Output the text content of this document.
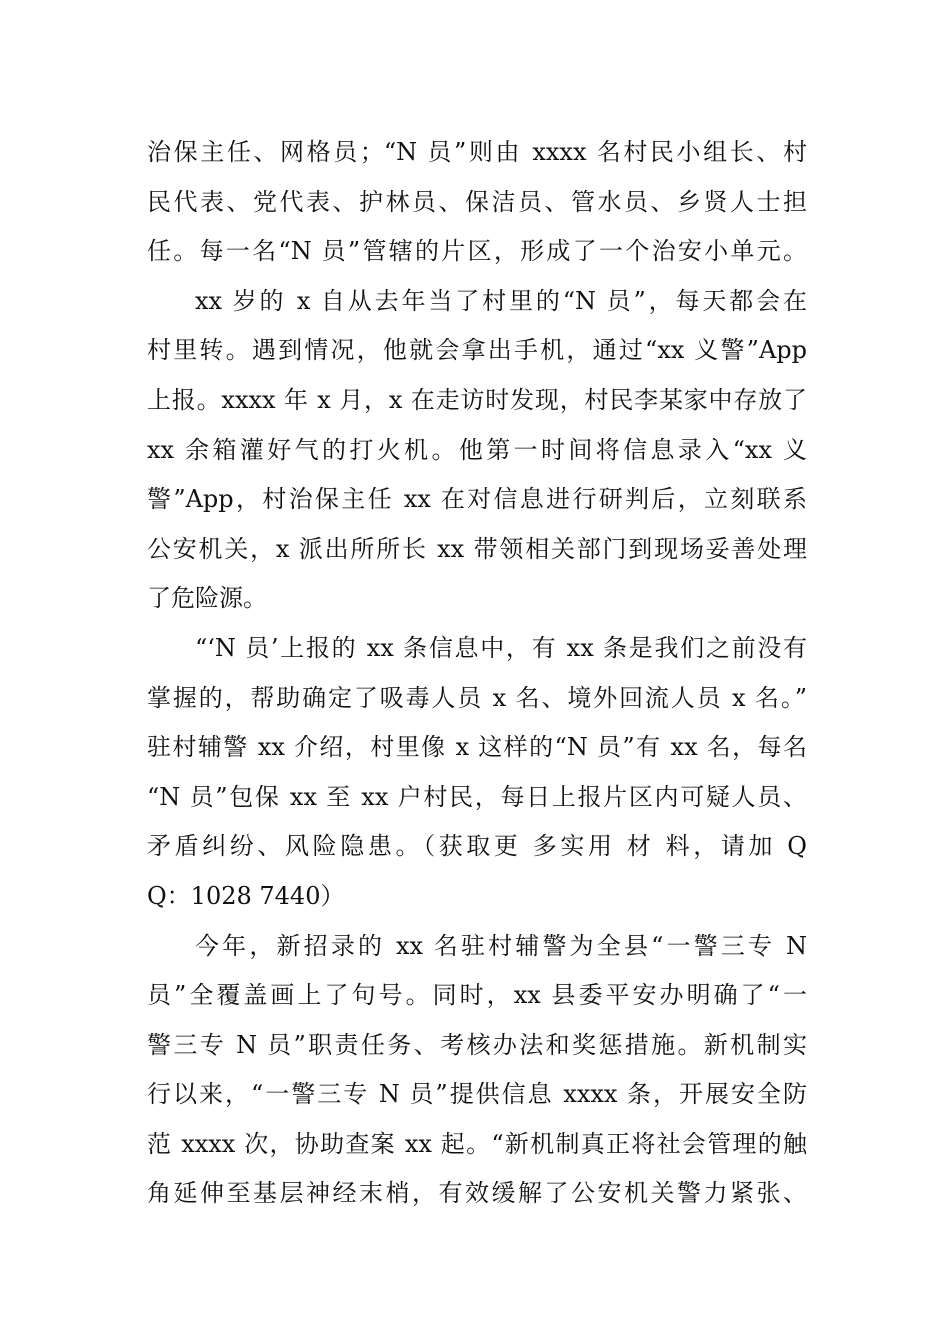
治保主任、网格员；“N 员”则由 xxxx 名村民小组长、村
民代表、党代表、护林员、保洁员、管水员、乡贤人士担
任。每一名“N 员”管辖的片区，形成了一个治安小单元。
xx 岁的 x 自从去年当了村里的“N 员”，每天都会在
村里转。遇到情况，他就会拿出手机，通过“xx 义警”App
上报。xxxx 年 x 月，x 在走访时发现，村民李某家中存放了
xx 余箱灌好气的打火机。他第一时间将信息录入“xx 义
警”App，村治保主任 xx 在对信息进行研判后，立刻联系
公安机关，x 派出所所长 xx 带领相关部门到现场妥善处理
了危险源。
“‘N 员’上报的 xx 条信息中，有 xx 条是我们之前没有
掌握的，帮助确定了吸毒人员 x 名、境外回流人员 x 名。”
驻村辅警 xx 介绍，村里像 x 这样的“N 员”有 xx 名，每名
“N 员”包保 xx 至 xx 户村民，每日上报片区内可疑人员、
矛盾纠纷、风险隐患。（获取更 多实用 材 料，请加 Q
Q：1028 7440）
今年，新招录的 xx 名驻村辅警为全县“一警三专 N
员”全覆盖画上了句号。同时，xx 县委平安办明确了“一
警三专 N 员”职责任务、考核办法和奖惩措施。新机制实
行以来，“一警三专 N 员”提供信息 xxxx 条，开展安全防
范 xxxx 次，协助查案 xx 起。“新机制真正将社会管理的触
角延伸至基层神经末梢，有效缓解了公安机关警力紧张、
